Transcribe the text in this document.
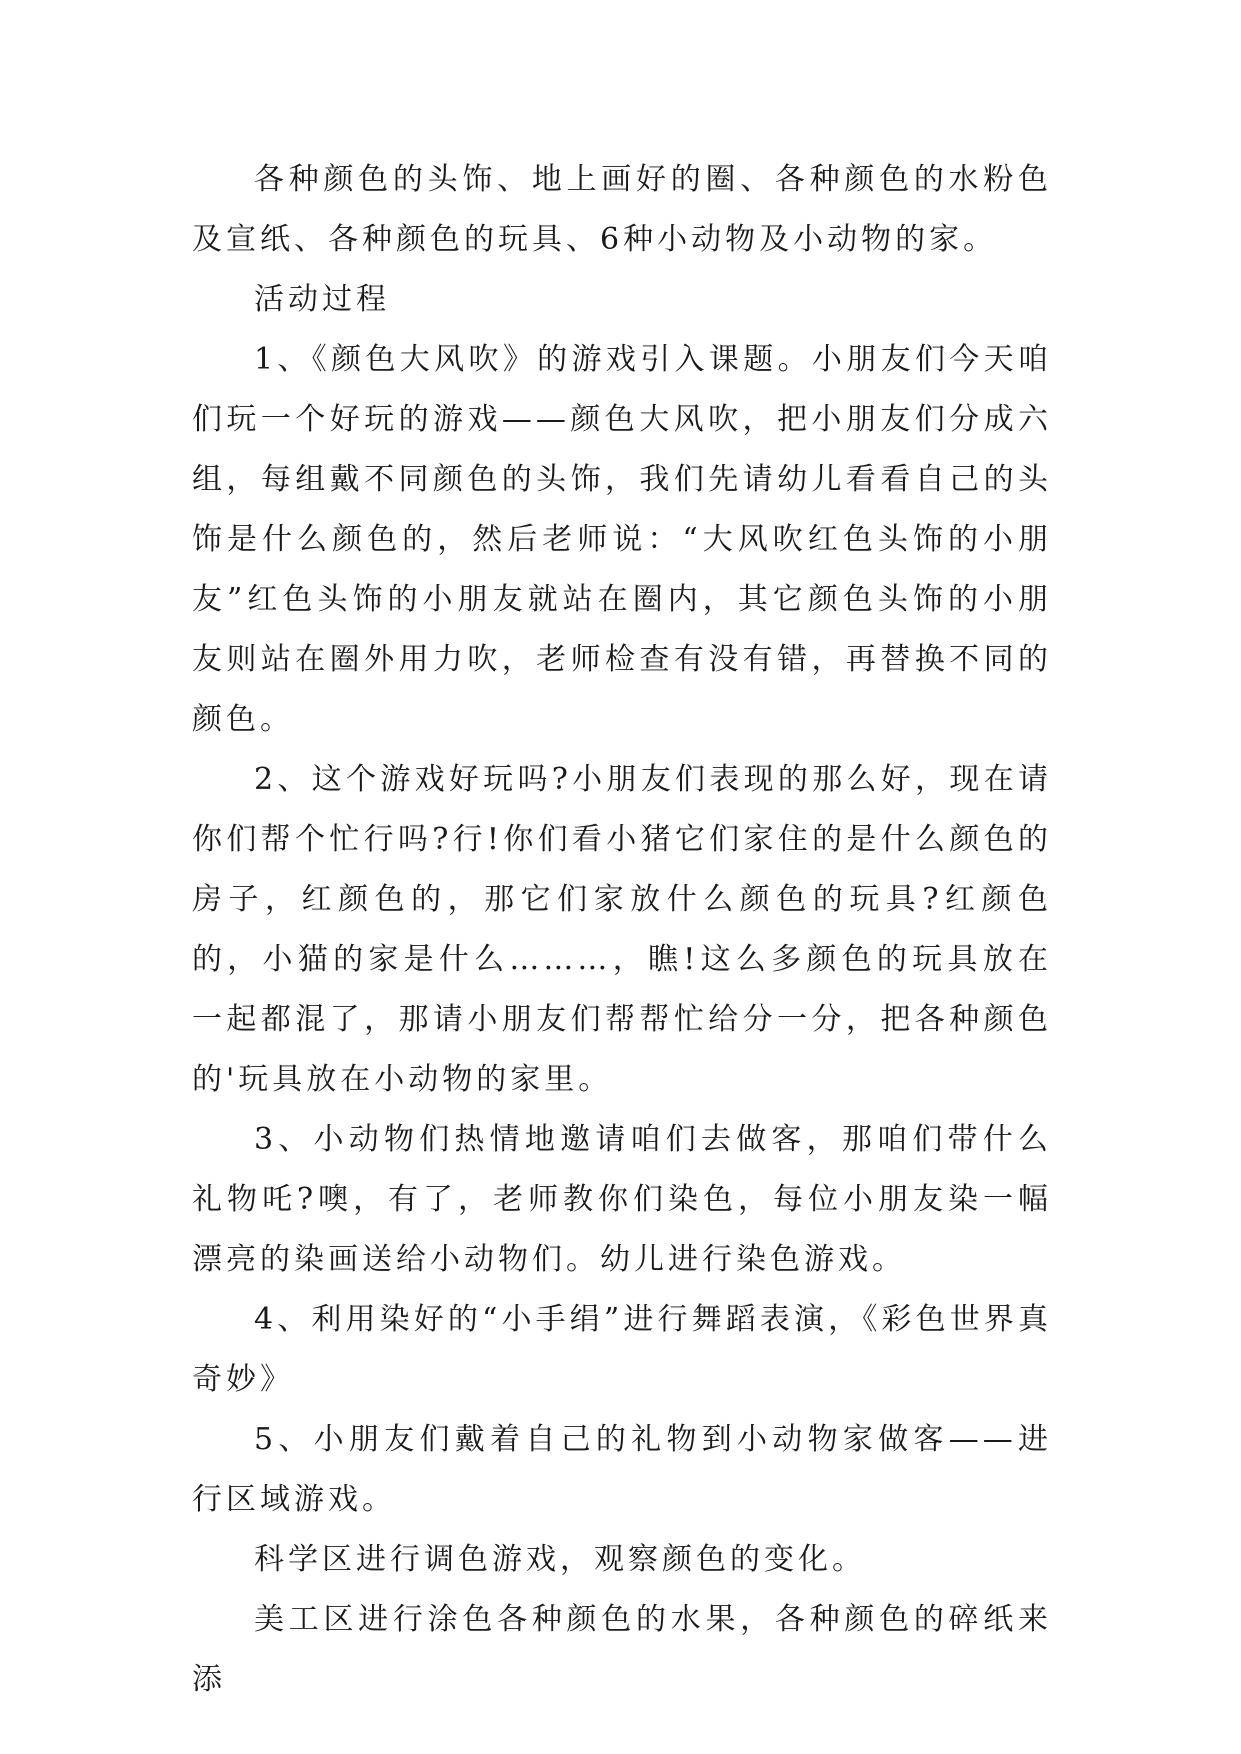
各种颜色的头饰、地上画好的圈、各种颜色的水粉色及宣纸、各种颜色的玩具、6种小动物及小动物的家。

活动过程

1、《颜色大风吹》的游戏引入课题。小朋友们今天咱们玩一个好玩的游戏——颜色大风吹，把小朋友们分成六组，每组戴不同颜色的头饰，我们先请幼儿看看自己的头饰是什么颜色的，然后老师说：“大风吹红色头饰的小朋友”红色头饰的小朋友就站在圈内，其它颜色头饰的小朋友则站在圈外用力吹，老师检查有没有错，再替换不同的颜色。

2、这个游戏好玩吗?小朋友们表现的那么好，现在请你们帮个忙行吗?行!你们看小猪它们家住的是什么颜色的房子，红颜色的，那它们家放什么颜色的玩具?红颜色的，小猫的家是什么………，瞧!这么多颜色的玩具放在一起都混了，那请小朋友们帮帮忙给分一分，把各种颜色的'玩具放在小动物的家里。

3、小动物们热情地邀请咱们去做客，那咱们带什么礼物吒?噢，有了，老师教你们染色，每位小朋友染一幅漂亮的染画送给小动物们。幼儿进行染色游戏。

4、利用染好的“小手绢”进行舞蹈表演，《彩色世界真奇妙》

5、小朋友们戴着自己的礼物到小动物家做客——进行区域游戏。

科学区进行调色游戏，观察颜色的变化。

美工区进行涂色各种颜色的水果，各种颜色的碎纸来添
